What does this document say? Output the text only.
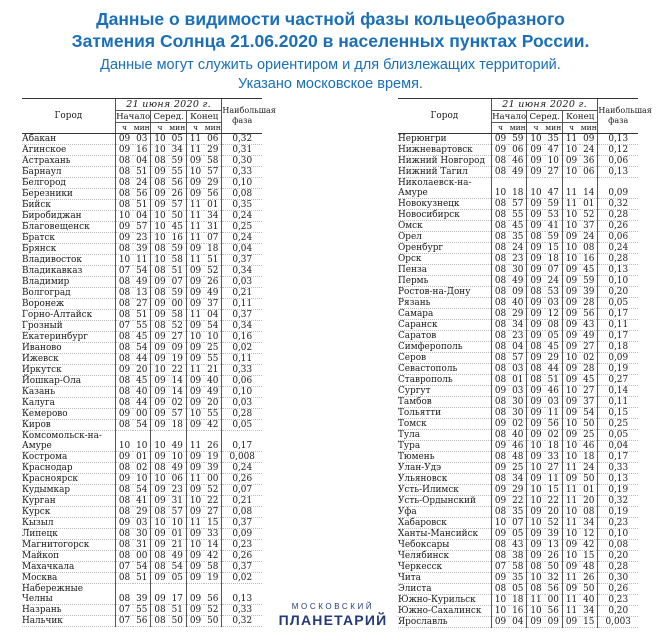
Данные о видимости частной фазы кольцеобразного
Затмения Солнца 21.06.2020 в населенных пунктах России.
Данные могут служить ориентиром и для близлежащих территорий.
Указано московское время.
Город	21 июня 2020 г.						Наибольшая фаза
	Начало		Серед.		Конец		
	ч	мин	ч	мин	ч	мин	
Абакан	09	03	10	05	11	06	0,32
Агинское	09	16	10	34	11	29	0,31
Астрахань	08	04	08	59	09	58	0,30
Барнаул	08	51	09	55	10	57	0,33
Белгород	08	24	08	56	09	29	0,10
Березники	08	56	09	26	09	56	0,08
Бийск	08	51	09	57	11	01	0,35
Биробиджан	10	04	10	50	11	34	0,24
Благовещенск	09	57	10	45	11	31	0,25
Братск	09	23	10	16	11	07	0,24
Брянск	08	39	08	59	09	18	0,04
Владивосток	10	11	10	58	11	51	0,37
Владикавказ	07	54	08	51	09	52	0,34
Владимир	08	49	09	07	09	26	0,03
Волгоград	08	13	08	59	09	49	0,21
Воронеж	08	27	09	00	09	37	0,11
Горно-Алтайск	08	51	09	58	11	04	0,37
Грозный	07	55	08	52	09	54	0,34
Екатеринбург	08	45	09	27	10	10	0,16
Иваново	08	54	09	09	09	25	0,02
Ижевск	08	44	09	19	09	55	0,11
Иркутск	09	20	10	22	11	21	0,33
Йошкар-Ола	08	45	09	14	09	40	0,06
Казань	08	40	09	14	09	49	0,10
Калуга	08	44	09	02	09	20	0,03
Кемерово	09	00	09	57	10	55	0,28
Киров	08	54	09	18	09	42	0,05
Комсомольск-на-Амуре	10	10	10	49	11	26	0,17
Кострома	09	01	09	10	09	19	0,008
Краснодар	08	02	08	49	09	39	0,24
Красноярск	09	10	10	06	11	00	0,26
Кудымкар	08	54	09	23	09	52	0,07
Курган	08	41	09	31	10	22	0,21
Курск	08	29	08	57	09	27	0,08
Кызыл	09	03	10	10	11	15	0,37
Липецк	08	30	09	01	09	33	0,09
Магнитогорск	08	31	09	21	10	14	0,23
Майкоп	08	00	08	49	09	42	0,26
Махачкала	07	54	08	54	09	58	0,37
Москва	08	51	09	05	09	19	0,02
Набережные Челны	08	39	09	17	09	56	0,13
Назрань	07	55	08	51	09	52	0,33
Нальчик	07	56	08	50	09	50	0,32
Город	21 июня 2020 г.						Наибольшая фаза
	Начало		Серед.		Конец		
	ч	мин	ч	мин	ч	мин	
Нерюнгри	09	59	10	35	11	09	0,13
Нижневартовск	09	06	09	47	10	24	0,12
Нижний Новгород	08	46	09	10	09	36	0,06
Нижний Тагил	08	49	09	27	10	06	0,13
Николаевск-на-Амуре	10	18	10	47	11	14	0,09
Новокузнецк	08	57	09	59	11	01	0,32
Новосибирск	08	55	09	53	10	52	0,28
Омск	08	45	09	41	10	37	0,26
Орел	08	35	08	59	09	24	0,06
Оренбург	08	24	09	15	10	08	0,24
Орск	08	23	09	18	10	16	0,28
Пенза	08	30	09	07	09	45	0,13
Пермь	08	49	09	24	09	59	0,10
Ростов-на-Дону	08	09	08	53	09	39	0,20
Рязань	08	40	09	03	09	28	0,05
Самара	08	29	09	12	09	56	0,17
Саранск	08	34	09	08	09	43	0,11
Саратов	08	23	09	05	09	49	0,17
Симферополь	08	04	08	45	09	27	0,18
Серов	08	57	09	29	10	02	0,09
Севастополь	08	03	08	44	09	28	0,19
Ставрополь	08	01	08	51	09	45	0,27
Сургут	09	03	09	46	10	27	0,14
Тамбов	08	30	09	03	09	37	0,11
Тольятти	08	30	09	11	09	54	0,15
Томск	09	02	09	56	10	50	0,25
Тула	08	40	09	02	09	25	0,05
Тура	09	46	10	18	10	46	0,04
Тюмень	08	48	09	33	10	18	0,17
Улан-Удэ	09	25	10	27	11	24	0,33
Ульяновск	08	34	09	11	09	50	0,13
Усть-Илимск	09	29	10	15	11	01	0,19
Усть-Ордынский	09	22	10	22	11	20	0,32
Уфа	08	35	09	20	10	08	0,19
Хабаровск	10	07	10	52	11	34	0,23
Ханты-Мансийск	09	05	09	39	10	12	0,10
Чебоксары	08	43	09	13	09	42	0,08
Челябинск	08	38	09	26	10	15	0,20
Черкесск	07	58	08	50	09	48	0,28
Чита	09	35	10	32	11	26	0,30
Элиста	08	05	08	56	09	50	0,26
Южно-Курильск	10	18	11	00	11	40	0,23
Южно-Сахалинск	10	16	10	56	11	34	0,20
Ярославль	09	04	09	09	09	15	0,003
МОСКОВСКИЙ
ПЛАНЕТАРИЙ
